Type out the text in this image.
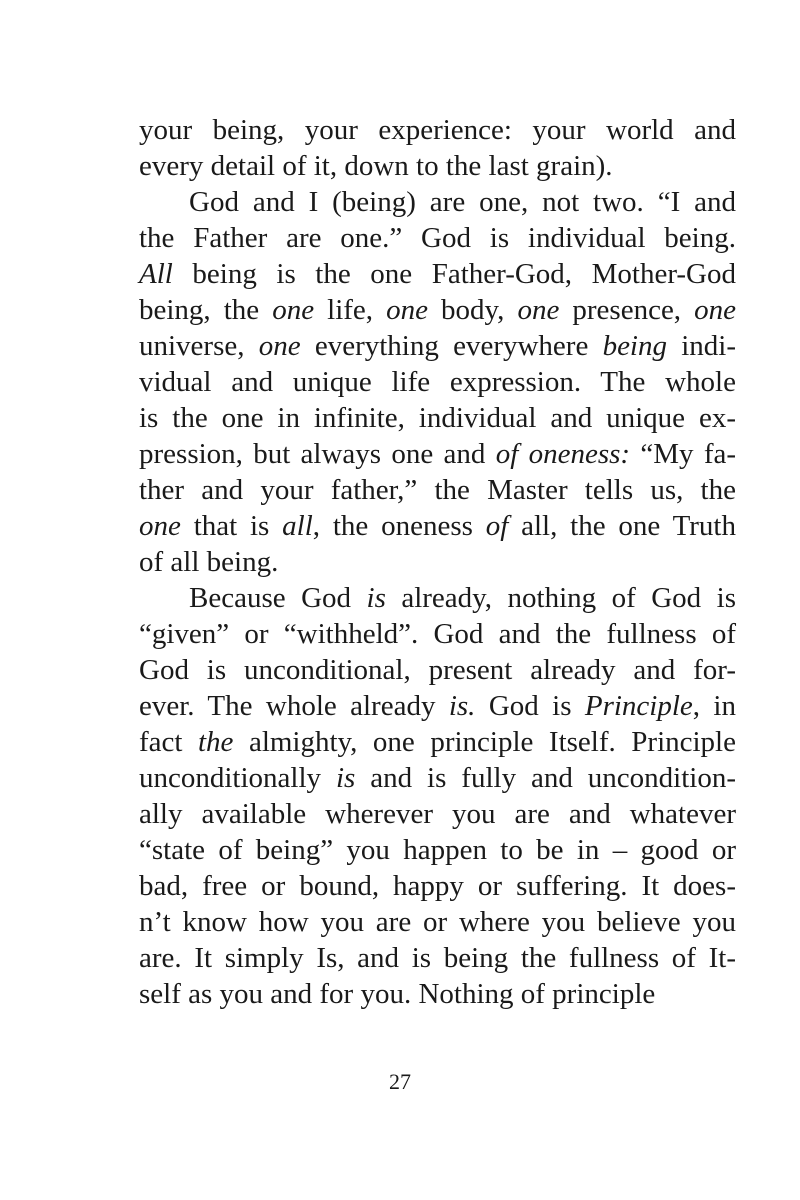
your being, your experience: your world and
every detail of it, down to the last grain).
God and I (being) are one, not two. “I and
the Father are one.” God is individual being.
All being is the one Father-God, Mother-God
being, the one life, one body, one presence, one
universe, one everything everywhere being indi-
vidual and unique life expression. The whole
is the one in infinite, individual and unique ex-
pression, but always one and of oneness: “My fa-
ther and your father,” the Master tells us, the
one that is all, the oneness of all, the one Truth
of all being.
Because God is already, nothing of God is
“given” or “withheld”. God and the fullness of
God is unconditional, present already and for-
ever. The whole already is. God is Principle, in
fact the almighty, one principle Itself. Principle
unconditionally is and is fully and uncondition-
ally available wherever you are and whatever
“state of being” you happen to be in – good or
bad, free or bound, happy or suffering. It does-
n’t know how you are or where you believe you
are. It simply Is, and is being the fullness of It-
self as you and for you. Nothing of principle
27
